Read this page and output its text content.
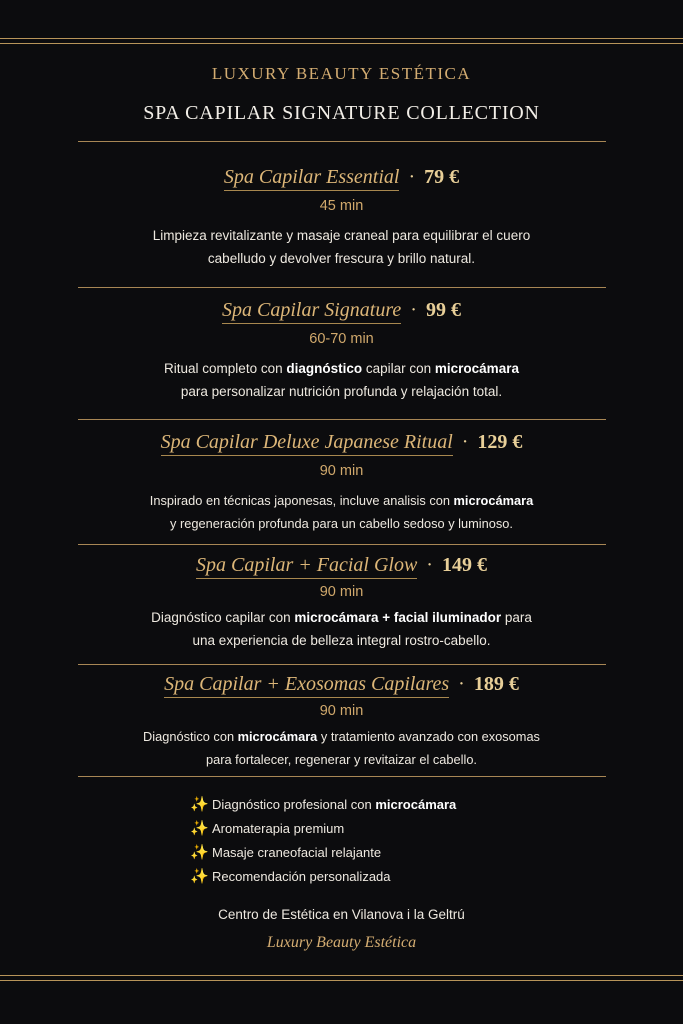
LUXURY BEAUTY ESTÉTICA
SPA CAPILAR SIGNATURE COLLECTION
Spa Capilar Essential · 79 €
45 min
Limpieza revitalizante y masaje craneal para equilibrar el cuero
cabelludo y devolver frescura y brillo natural.
Spa Capilar Signature · 99 €
60-70 min
Ritual completo con diagnóstico capilar con microcámara
para personalizar nutrición profunda y relajación total.
Spa Capilar Deluxe Japanese Ritual · 129 €
90 min
Inspirado en técnicas japonesas, incluve analisis con microcámara
y regeneración profunda para un cabello sedoso y luminoso.
Spa Capilar + Facial Glow · 149 €
90 min
Diagnóstico capilar con microcámara + facial iluminador para
una experiencia de belleza integral rostro-cabello.
Spa Capilar + Exosomas Capilares · 189 €
90 min
Diagnóstico con microcámara y tratamiento avanzado con exosomas
para fortalecer, regenerar y revitaizar el cabello.
✨ Diagnóstico profesional con microcámara
✨ Aromaterapia premium
✨ Masaje craneofacial relajante
✨ Recomendación personalizada
Centro de Estética en Vilanova i la Geltrú
Luxury Beauty Estética
